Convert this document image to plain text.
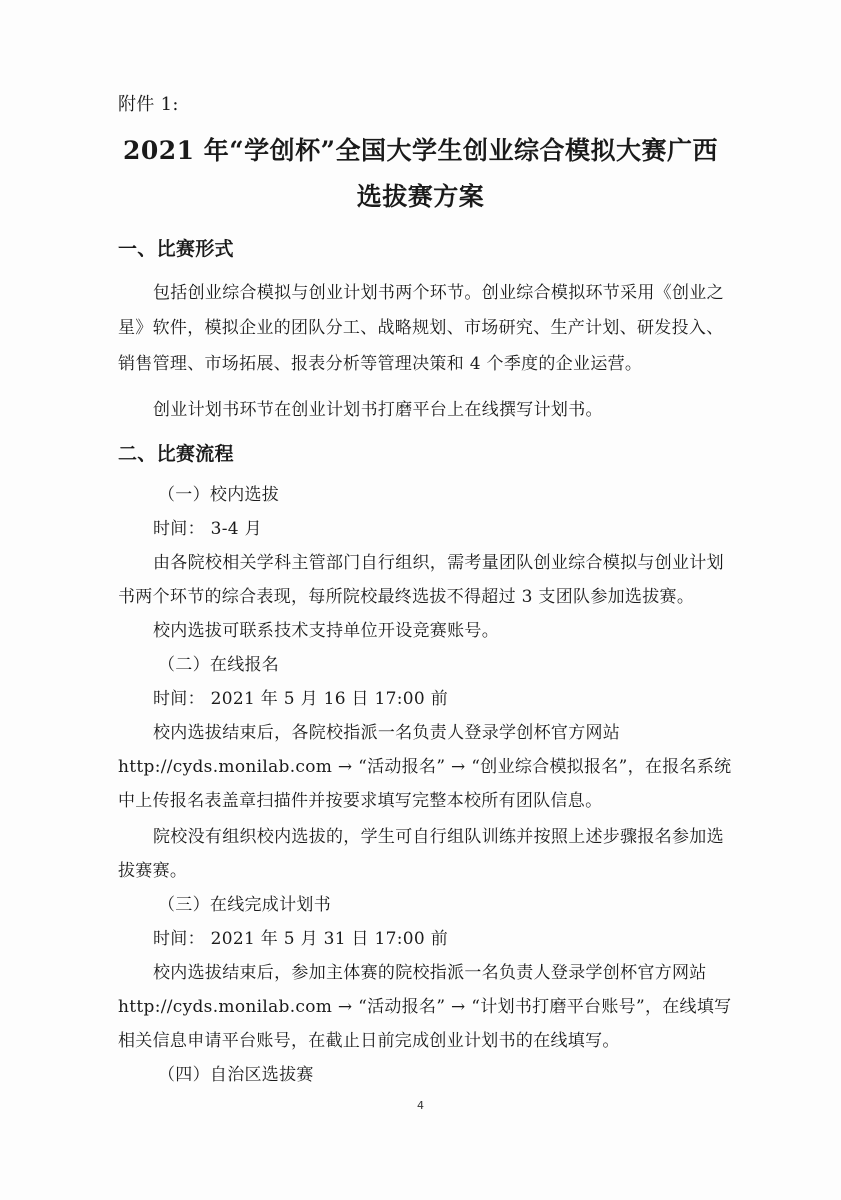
附件 1:
2021 年“学创杯”全国大学生创业综合模拟大赛广西
选拔赛方案
一、比赛形式
包括创业综合模拟与创业计划书两个环节。创业综合模拟环节采用《创业之
星》软件，模拟企业的团队分工、战略规划、市场研究、生产计划、研发投入、
销售管理、市场拓展、报表分析等管理决策和 4 个季度的企业运营。
创业计划书环节在创业计划书打磨平台上在线撰写计划书。
二、比赛流程
（一）校内选拔
时间： 3-4 月
由各院校相关学科主管部门自行组织，需考量团队创业综合模拟与创业计划
书两个环节的综合表现，每所院校最终选拔不得超过 3 支团队参加选拔赛。
校内选拔可联系技术支持单位开设竞赛账号。
（二）在线报名
时间： 2021 年 5 月 16 日 17:00 前
校内选拔结束后，各院校指派一名负责人登录学创杯官方网站
http://cyds.monilab.com → “活动报名” → “创业综合模拟报名”，在报名系统
中上传报名表盖章扫描件并按要求填写完整本校所有团队信息。
院校没有组织校内选拔的，学生可自行组队训练并按照上述步骤报名参加选
拔赛赛。
（三）在线完成计划书
时间： 2021 年 5 月 31 日 17:00 前
校内选拔结束后，参加主体赛的院校指派一名负责人登录学创杯官方网站
http://cyds.monilab.com → “活动报名” → “计划书打磨平台账号”，在线填写
相关信息申请平台账号，在截止日前完成创业计划书的在线填写。
（四）自治区选拔赛
4
